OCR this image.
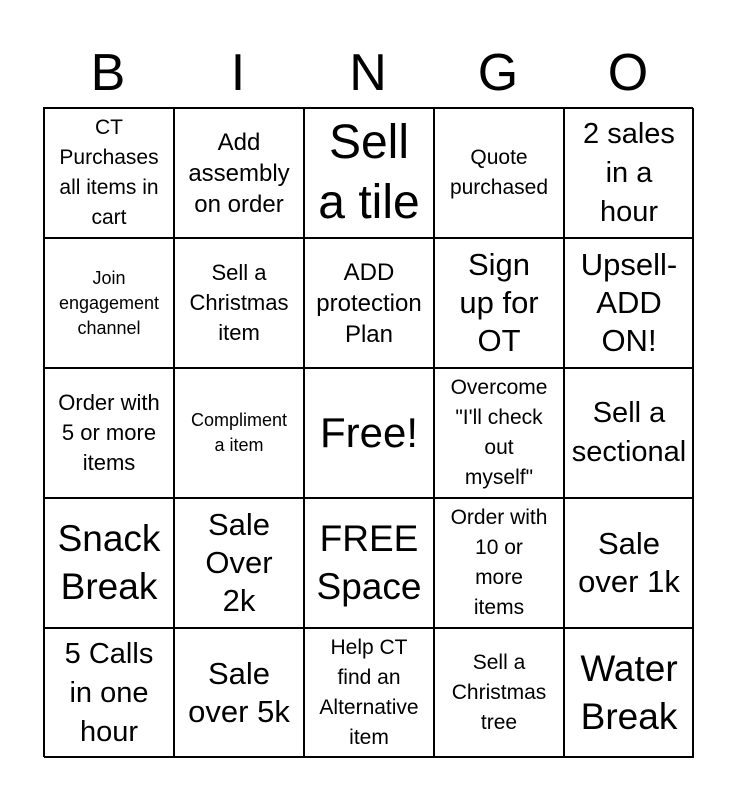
B	I	N	G	O
CT
Purchases
all items in
cart
Add
assembly
on order
Sell
a tile
Quote
purchased
2 sales
in a
hour
Join
engagement
channel
Sell a
Christmas
item
ADD
protection
Plan
Sign
up for
OT
Upsell-
ADD
ON!
Order with
5 or more
items
Compliment
a item	Free!
Overcome
"I'll check
out
myself"
Sell a
sectional
Snack
Break
Sale
Over
2k
FREE
Space
Order with
10 or
more
items
Sale
over 1k
5 Calls
in one
hour
Sale
over 5k
Help CT
find an
Alternative
item
Sell a
Christmas
tree
Water
Break
